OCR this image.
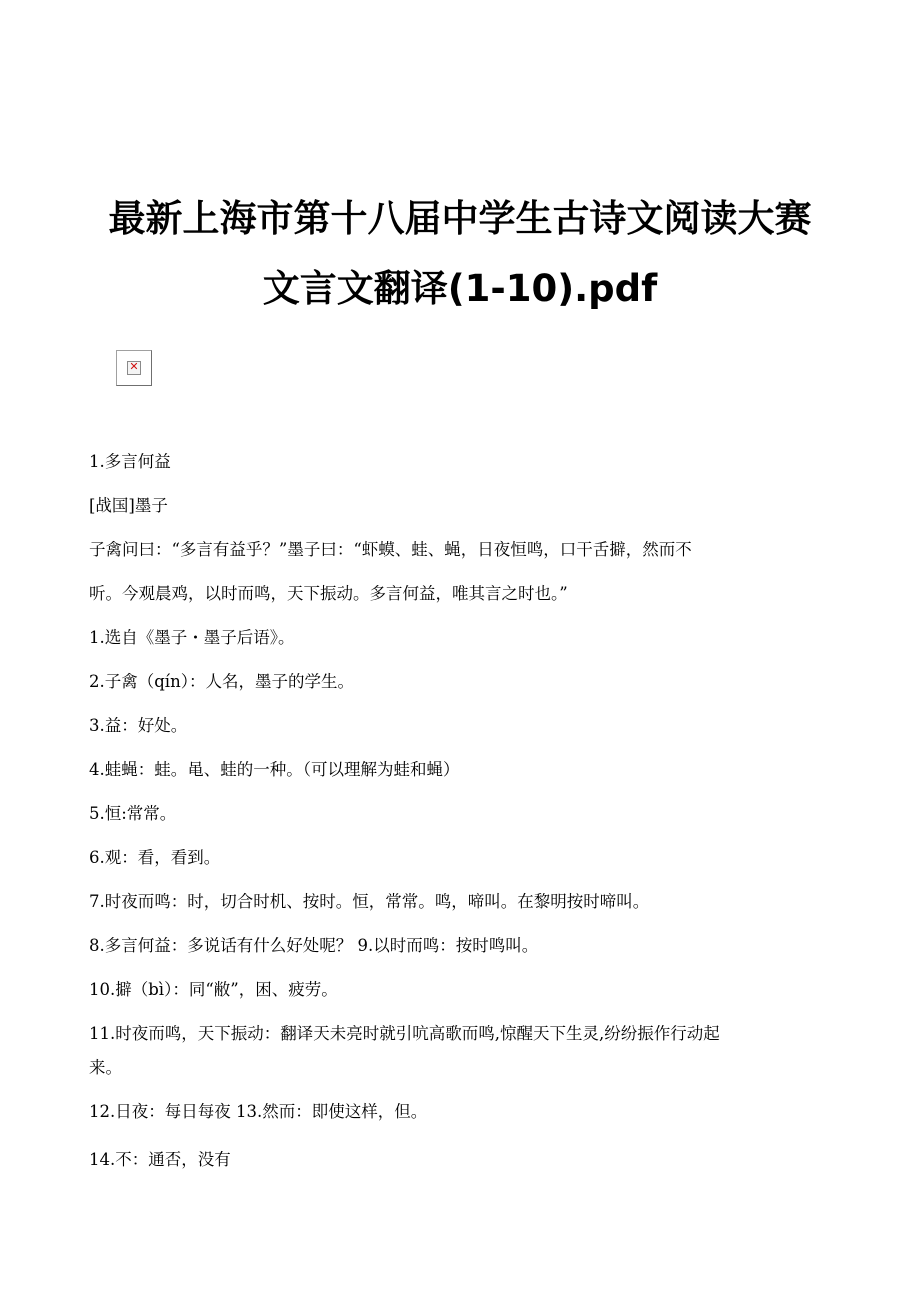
最新上海市第十八届中学生古诗文阅读大赛
文言文翻译(1-10).pdf
✕
1.多言何益
[战国]墨子
子禽问曰：“多言有益乎？”墨子曰：“虾蟆、蛙、蝇，日夜恒鸣，口干舌擗，然而不
听。今观晨鸡，以时而鸣，天下振动。多言何益，唯其言之时也。”
1.选自《墨子・墨子后语》。
2.子禽（qín）：人名，墨子的学生。
3.益：好处。
4.蛙蝇：蛙。黾、蛙的一种。（可以理解为蛙和蝇）
5.恒:常常。
6.观：看，看到。
7.时夜而鸣：时，切合时机、按时。恒，常常。鸣，啼叫。在黎明按时啼叫。
8.多言何益：多说话有什么好处呢？ 9.以时而鸣：按时鸣叫。
10.擗（bì）：同“敝”，困、疲劳。
11.时夜而鸣，天下振动：翻译天未亮时就引吭高歌而鸣,惊醒天下生灵,纷纷振作行动起
来。
12.日夜：每日每夜 13.然而：即使这样，但。
14.不：通否，没有
